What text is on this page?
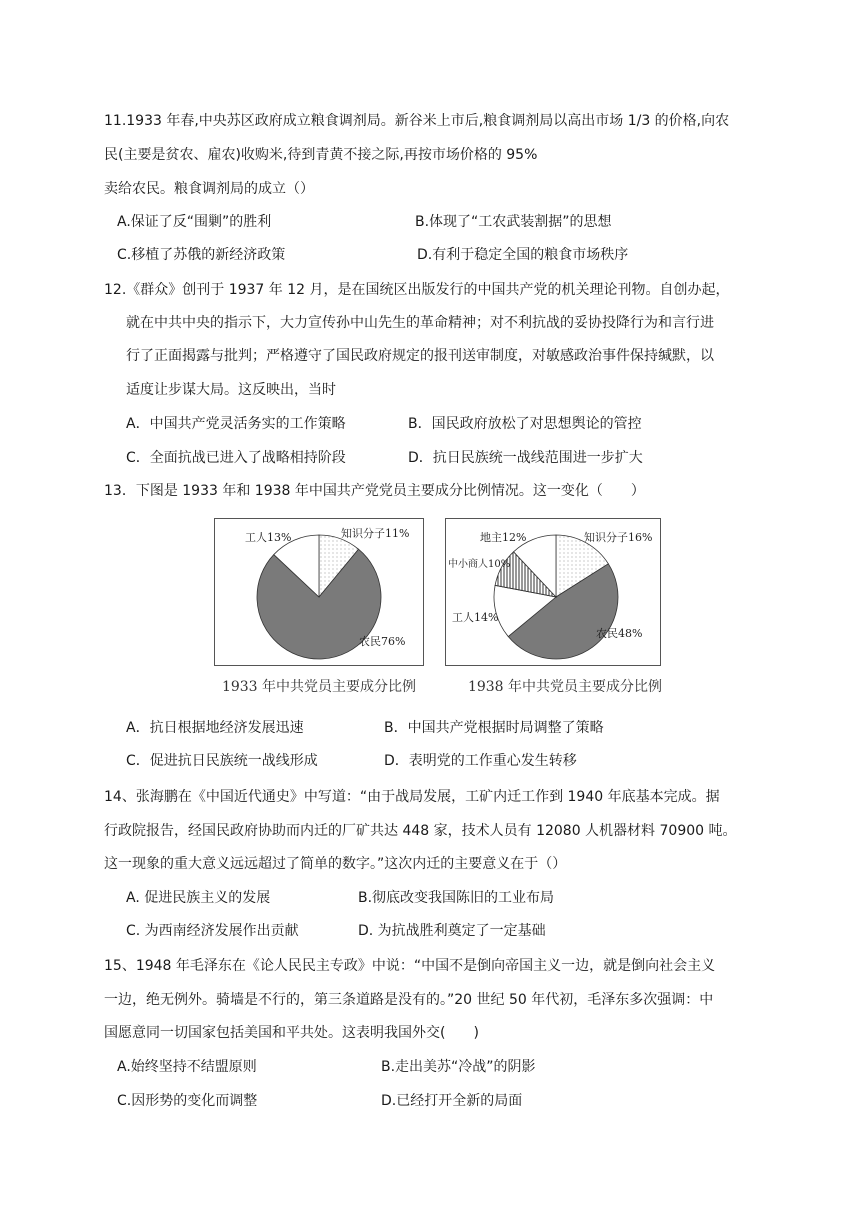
11.1933 年春,中央苏区政府成立粮食调剂局。新谷米上市后,粮食调剂局以高出市场 1/3 的价格,向农
民(主要是贫农、雇农)收购米,待到青黄不接之际,再按市场价格的 95%
卖给农民。粮食调剂局的成立（）
A.保证了反“围剿”的胜利	B.体现了“工农武装割据”的思想
C.移植了苏俄的新经济政策	D.有利于稳定全国的粮食市场秩序
12.《群众》创刊于 1937 年 12 月，是在国统区出版发行的中国共产党的机关理论刊物。自创办起，
就在中共中央的指示下，大力宣传孙中山先生的革命精神；对不利抗战的妥协投降行为和言行进
行了正面揭露与批判；严格遵守了国民政府规定的报刊送审制度，对敏感政治事件保持缄默，以
适度让步谋大局。这反映出，当时
A．中国共产党灵活务实的工作策略	B．国民政府放松了对思想舆论的管控
C．全面抗战已进入了战略相持阶段	D．抗日民族统一战线范围进一步扩大
13．下图是 1933 年和 1938 年中国共产党党员主要成分比例情况。这一变化（　　）
工人13%	知识分子11%
农民76%
1933 年中共党员主要成分比例
地主12%	知识分子16%
农民48%
工人14%
中小商人10%
1938 年中共党员主要成分比例
A．抗日根据地经济发展迅速	B．中国共产党根据时局调整了策略
C．促进抗日民族统一战线形成	D．表明党的工作重心发生转移
14、张海鹏在《中国近代通史》中写道：“由于战局发展，工矿内迁工作到 1940 年底基本完成。据
行政院报告，经国民政府协助而内迁的厂矿共达 448 家，技术人员有 12080 人机器材料 70900 吨。
这一现象的重大意义远远超过了简单的数字。”这次内迁的主要意义在于（）
A. 促进民族主义的发展	B.彻底改变我国陈旧的工业布局
C. 为西南经济发展作出贡献	D. 为抗战胜利奠定了一定基础
15、1948 年毛泽东在《论人民民主专政》中说：“中国不是倒向帝国主义一边，就是倒向社会主义
一边，绝无例外。骑墙是不行的，第三条道路是没有的。”20 世纪 50 年代初，毛泽东多次强调：中
国愿意同一切国家包括美国和平共处。这表明我国外交(　　)
A.始终坚持不结盟原则	B.走出美苏“冷战”的阴影
C.因形势的变化而调整	D.已经打开全新的局面
